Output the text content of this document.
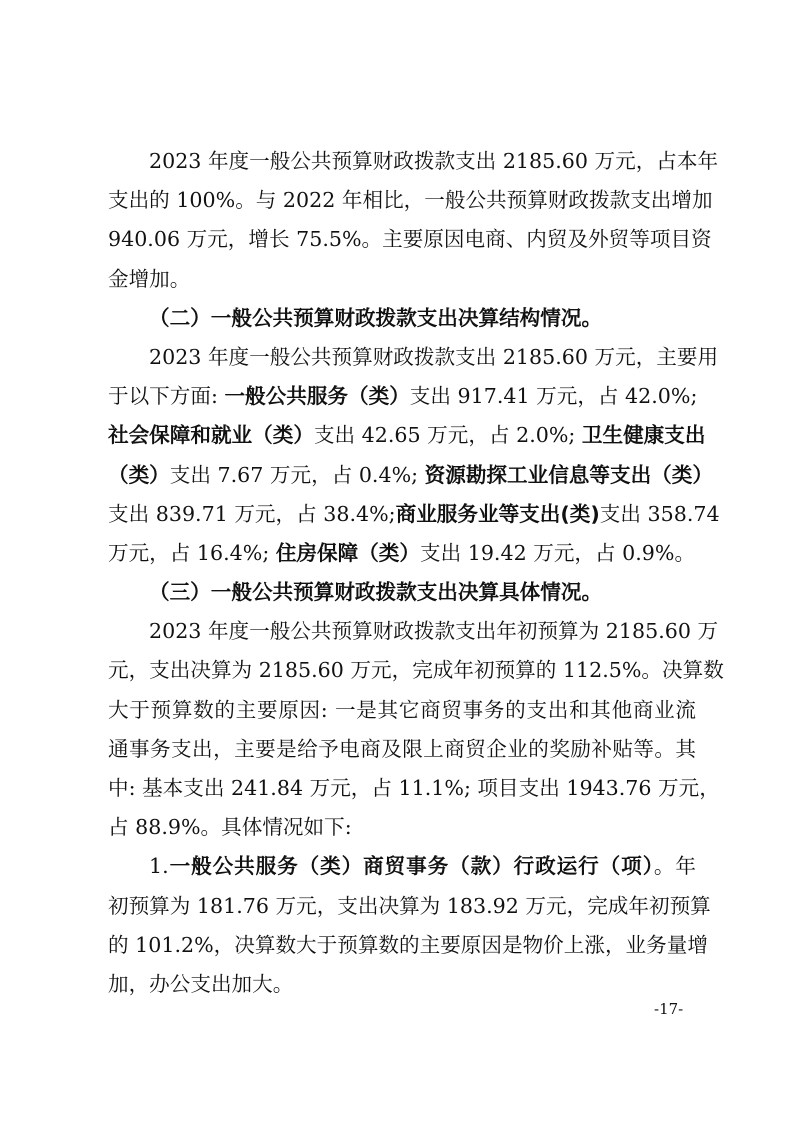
2023 年度一般公共预算财政拨款支出 2185.60 万元，占本年
支出的 100%。与 2022 年相比，一般公共预算财政拨款支出增加
940.06 万元，增长 75.5%。主要原因电商、内贸及外贸等项目资
金增加。
（二）一般公共预算财政拨款支出决算结构情况。
2023 年度一般公共预算财政拨款支出 2185.60 万元，主要用
于以下方面: 一般公共服务（类）支出 917.41 万元，占 42.0%;
社会保障和就业（类）支出 42.65 万元，占 2.0%; 卫生健康支出
（类）支出 7.67 万元，占 0.4%; 资源勘探工业信息等支出（类）
支出 839.71 万元，占 38.4%;商业服务业等支出(类)支出 358.74
万元，占 16.4%; 住房保障（类）支出 19.42 万元，占 0.9%。
（三）一般公共预算财政拨款支出决算具体情况。
2023 年度一般公共预算财政拨款支出年初预算为 2185.60 万
元，支出决算为 2185.60 万元，完成年初预算的 112.5%。决算数
大于预算数的主要原因: 一是其它商贸事务的支出和其他商业流
通事务支出，主要是给予电商及限上商贸企业的奖励补贴等。其
中: 基本支出 241.84 万元，占 11.1%; 项目支出 1943.76 万元，
占 88.9%。具体情况如下:
1.一般公共服务（类）商贸事务（款）行政运行（项）。年
初预算为 181.76 万元，支出决算为 183.92 万元，完成年初预算
的 101.2%，决算数大于预算数的主要原因是物价上涨，业务量增
加，办公支出加大。
-17-
